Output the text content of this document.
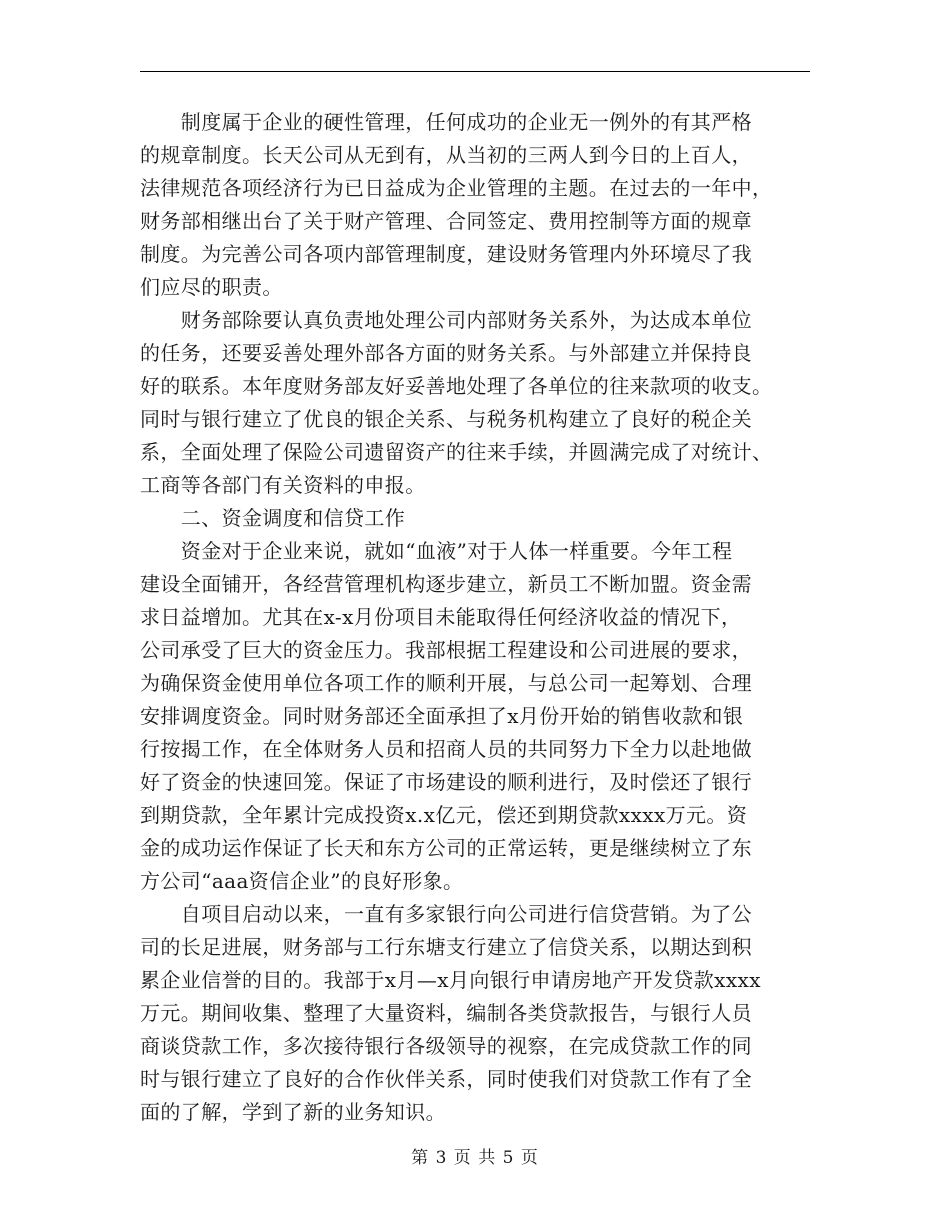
　　制度属于企业的硬性管理，任何成功的企业无一例外的有其严格
的规章制度。长天公司从无到有，从当初的三两人到今日的上百人，
法律规范各项经济行为已日益成为企业管理的主题。在过去的一年中，
财务部相继出台了关于财产管理、合同签定、费用控制等方面的规章
制度。为完善公司各项内部管理制度，建设财务管理内外环境尽了我
们应尽的职责。
　　财务部除要认真负责地处理公司内部财务关系外，为达成本单位
的任务，还要妥善处理外部各方面的财务关系。与外部建立并保持良
好的联系。本年度财务部友好妥善地处理了各单位的往来款项的收支。
同时与银行建立了优良的银企关系、与税务机构建立了良好的税企关
系，全面处理了保险公司遗留资产的往来手续，并圆满完成了对统计、
工商等各部门有关资料的申报。
　　二、资金调度和信贷工作
　　资金对于企业来说，就如“血液”对于人体一样重要。今年工程
建设全面铺开，各经营管理机构逐步建立，新员工不断加盟。资金需
求日益增加。尤其在x-x月份项目未能取得任何经济收益的情况下，
公司承受了巨大的资金压力。我部根据工程建设和公司进展的要求，
为确保资金使用单位各项工作的顺利开展，与总公司一起筹划、合理
安排调度资金。同时财务部还全面承担了x月份开始的销售收款和银
行按揭工作，在全体财务人员和招商人员的共同努力下全力以赴地做
好了资金的快速回笼。保证了市场建设的顺利进行，及时偿还了银行
到期贷款，全年累计完成投资x.x亿元，偿还到期贷款xxxx万元。资
金的成功运作保证了长天和东方公司的正常运转，更是继续树立了东
方公司“aaa资信企业”的良好形象。
　　自项目启动以来，一直有多家银行向公司进行信贷营销。为了公
司的长足进展，财务部与工行东塘支行建立了信贷关系，以期达到积
累企业信誉的目的。我部于x月—x月向银行申请房地产开发贷款xxxx
万元。期间收集、整理了大量资料，编制各类贷款报告，与银行人员
商谈贷款工作，多次接待银行各级领导的视察，在完成贷款工作的同
时与银行建立了良好的合作伙伴关系，同时使我们对贷款工作有了全
面的了解，学到了新的业务知识。
第 3 页 共 5 页
